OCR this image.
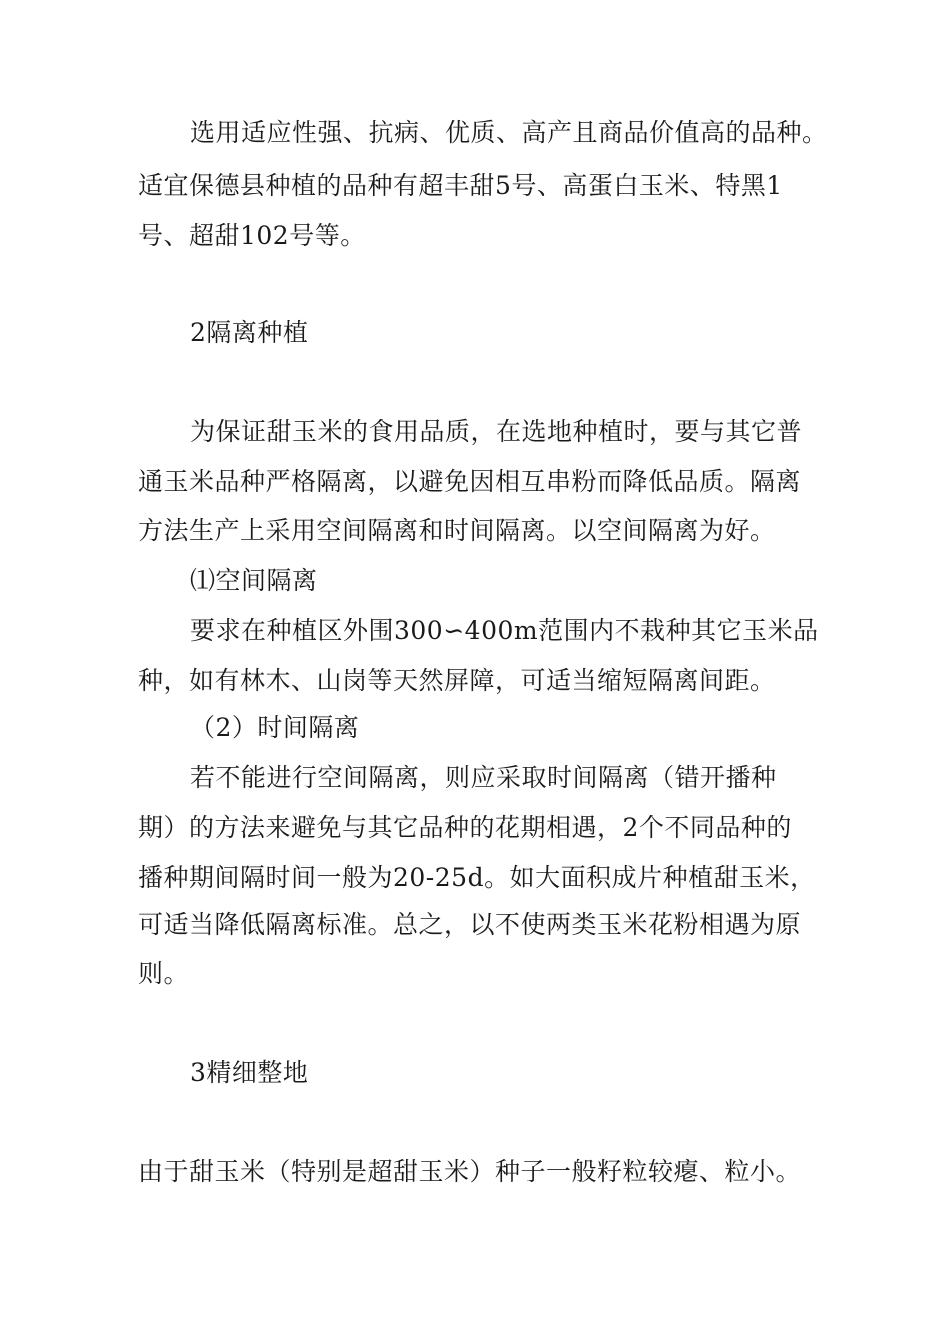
选用适应性强、抗病、优质、高产且商品价值高的品种。
适宜保德县种植的品种有超丰甜5号、高蛋白玉米、特黑1
号、超甜102号等。
2隔离种植
为保证甜玉米的食用品质，在选地种植时，要与其它普
通玉米品种严格隔离，以避免因相互串粉而降低品质。隔离
方法生产上采用空间隔离和时间隔离。以空间隔离为好。
⑴空间隔离
要求在种植区外围300∽400m范围内不栽种其它玉米品
种，如有林木、山岗等天然屏障，可适当缩短隔离间距。
（2）时间隔离
若不能进行空间隔离，则应采取时间隔离（错开播种
期）的方法来避免与其它品种的花期相遇，2个不同品种的
播种期间隔时间一般为20-25d。如大面积成片种植甜玉米，
可适当降低隔离标准。总之，以不使两类玉米花粉相遇为原
则。
3精细整地
由于甜玉米（特别是超甜玉米）种子一般籽粒较瘪、粒小。
